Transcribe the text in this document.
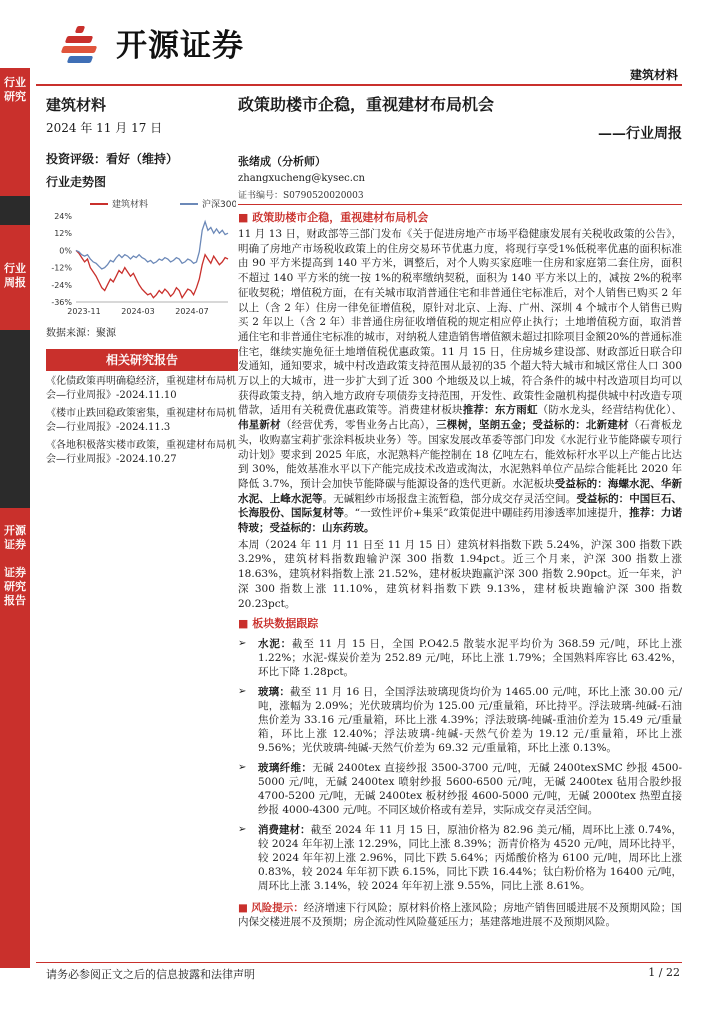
开源证券
建筑材料
行业
研究
行业
周报
开源
证券

证券
研究
报告
建筑材料
2024 年 11 月 17 日
投资评级：看好（维持）
行业走势图
建筑材料	沪深300
24%
12%
0%
-12%
-24%
-36%
2023-11	2024-03	2024-07
数据来源：聚源
相关研究报告
《化债政策再明确稳经济，重视建材布局机会—行业周报》-2024.11.10
《楼市止跌回稳政策密集，重视建材布局机会—行业周报》-2024.11.3
《各地积极落实楼市政策，重视建材布局机会—行业周报》-2024.10.27
政策助楼市企稳，重视建材布局机会
——行业周报
张绪成（分析师）
zhangxucheng@kysec.cn
证书编号：S0790520020003
■ 政策助楼市企稳，重视建材布局机会
11 月 13 日，财政部等三部门发布《关于促进房地产市场平稳健康发展有关税收政策的公告》，明确了房地产市场税收政策上的住房交易环节优惠力度，将现行享受1%低税率优惠的面积标准由 90 平方米提高到 140 平方米，调整后，对个人购买家庭唯一住房和家庭第二套住房，面积不超过 140 平方米的统一按 1%的税率缴纳契税，面积为 140 平方米以上的，减按 2%的税率征收契税；增值税方面，在有关城市取消普通住宅和非普通住宅标准后，对个人销售已购买 2 年以上（含 2 年）住房一律免征增值税，原针对北京、上海、广州、深圳 4 个城市个人销售已购买 2 年以上（含 2 年）非普通住房征收增值税的规定相应停止执行；土地增值税方面，取消普通住宅和非普通住宅标准的城市，对纳税人建造销售增值额未超过扣除项目金额20%的普通标准住宅，继续实施免征土地增值税优惠政策。11 月 15 日，住房城乡建设部、财政部近日联合印发通知，通知要求，城中村改造政策支持范围从最初的35 个超大特大城市和城区常住人口 300 万以上的大城市，进一步扩大到了近 300 个地级及以上城，符合条件的城中村改造项目均可以获得政策支持，纳入地方政府专项债券支持范围，开发性、政策性金融机构提供城中村改造专项借款，适用有关税费优惠政策等。消费建材板块推荐：东方雨虹（防水龙头，经营结构优化）、伟星新材（经营优秀，零售业务占比高），三棵树，坚朗五金；受益标的：北新建材（石膏板龙头，收购嘉宝莉扩张涂料板块业务）等。国家发展改革委等部门印发《水泥行业节能降碳专项行动计划》要求到 2025 年底，水泥熟料产能控制在 18 亿吨左右，能效标杆水平以上产能占比达到 30%，能效基准水平以下产能完成技术改造或淘汰，水泥熟料单位产品综合能耗比 2020 年降低 3.7%，预计会加快节能降碳与能源设备的迭代更新。水泥板块受益标的：海螺水泥、华新水泥、上峰水泥等。无碱粗纱市场报盘主流暂稳，部分成交存灵活空间。受益标的：中国巨石、长海股份、国际复材等。“一致性评价+集采”政策促进中硼硅药用渗透率加速提升，推荐：力诺特玻；受益标的：山东药玻。
本周（2024 年 11 月 11 日至 11 月 15 日）建筑材料指数下跌 5.24%，沪深 300 指数下跌 3.29%，建筑材料指数跑输沪深 300 指数 1.94pct。近三个月来，沪深 300 指数上涨 18.63%，建筑材料指数上涨 21.52%，建材板块跑赢沪深 300 指数 2.90pct。近一年来，沪深 300 指数上涨 11.10%，建筑材料指数下跌 9.13%，建材板块跑输沪深 300 指数 20.23pct。
■ 板块数据跟踪
➢ 水泥：截至 11 月 15 日，全国 P.O42.5 散装水泥平均价为 368.59 元/吨，环比上涨 1.22%；水泥-煤炭价差为 252.89 元/吨，环比上涨 1.79%；全国熟料库容比 63.42%，环比下降 1.28pct。
➢ 玻璃：截至 11 月 16 日，全国浮法玻璃现货均价为 1465.00 元/吨，环比上涨 30.00 元/吨，涨幅为 2.09%；光伏玻璃均价为 125.00 元/重量箱，环比持平。浮法玻璃-纯碱-石油焦价差为 33.16 元/重量箱，环比上涨 4.39%；浮法玻璃-纯碱-重油价差为 15.49 元/重量箱，环比上涨 12.40%；浮法玻璃-纯碱-天然气价差为 19.12 元/重量箱，环比上涨 9.56%；光伏玻璃-纯碱-天然气价差为 69.32 元/重量箱，环比上涨 0.13%。
➢ 玻璃纤维：无碱 2400tex 直接纱报 3500-3700 元/吨，无碱 2400texSMC 纱报 4500-5000 元/吨，无碱 2400tex 喷射纱报 5600-6500 元/吨，无碱 2400tex 毡用合股纱报 4700-5200 元/吨，无碱 2400tex 板材纱报 4600-5000 元/吨，无碱 2000tex 热塑直接纱报 4000-4300 元/吨。不同区域价格或有差异，实际成交存灵活空间。
➢ 消费建材：截至 2024 年 11 月 15 日，原油价格为 82.96 美元/桶，周环比上涨 0.74%，较 2024 年年初上涨 12.29%，同比上涨 8.39%；沥青价格为 4520 元/吨，周环比持平，较 2024 年年初上涨 2.96%，同比下跌 5.64%；丙烯酸价格为 6100 元/吨，周环比上涨 0.83%，较 2024 年年初下跌 6.15%，同比下跌 16.44%；钛白粉价格为 16400 元/吨，周环比上涨 3.14%，较 2024 年年初上涨 9.55%，同比上涨 8.61%。
■ 风险提示：经济增速下行风险；原材料价格上涨风险；房地产销售回暖进展不及预期风险；国内保交楼进展不及预期；房企流动性风险蔓延压力；基建落地进展不及预期风险。
请务必参阅正文之后的信息披露和法律声明	1 / 22
